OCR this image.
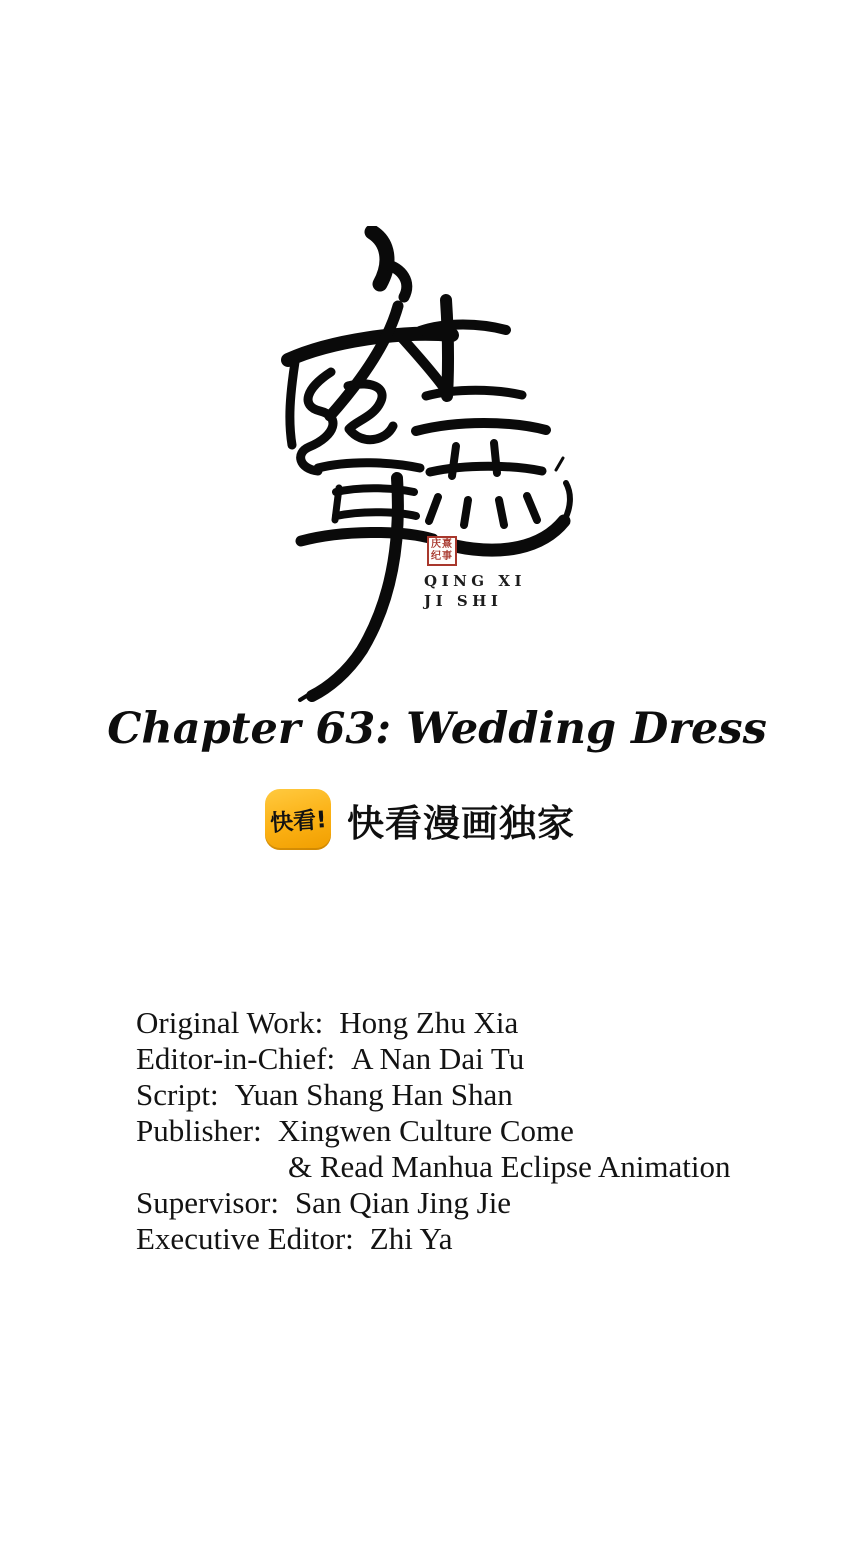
庆熹
纪事
QING XI
JI SHI
Chapter 63: Wedding Dress
快看! 快看漫画独家
Original Work: Hong Zhu Xia
Editor-in-Chief: A Nan Dai Tu
Script: Yuan Shang Han Shan
Publisher: Xingwen Culture Come
& Read Manhua Eclipse Animation
Supervisor: San Qian Jing Jie
Executive Editor: Zhi Ya
